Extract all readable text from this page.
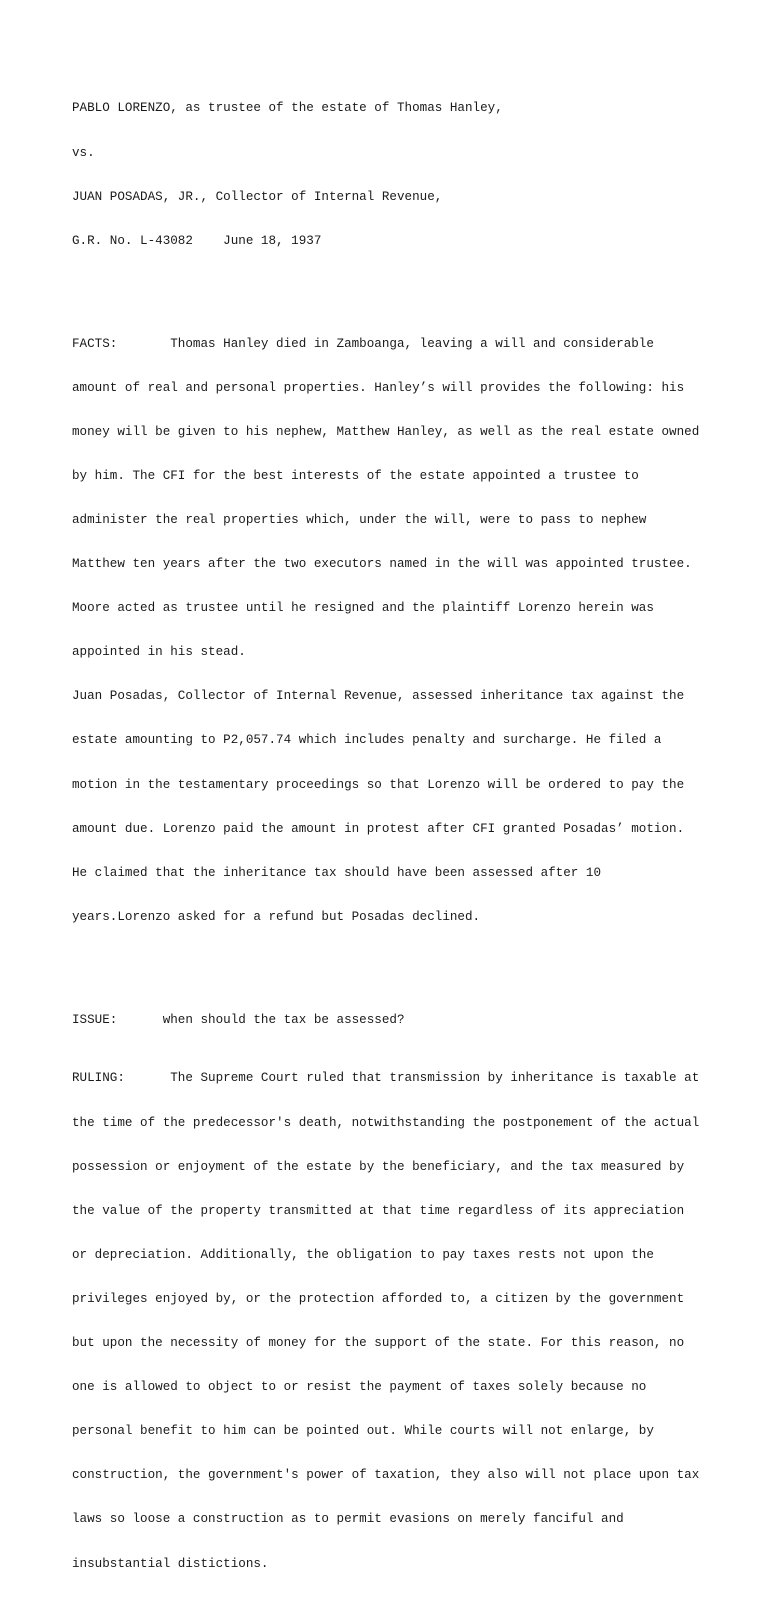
PABLO LORENZO, as trustee of the estate of Thomas Hanley,

vs.

JUAN POSADAS, JR., Collector of Internal Revenue,

G.R. No. L-43082    June 18, 1937

FACTS:       Thomas Hanley died in Zamboanga, leaving a will and considerable

amount of real and personal properties. Hanley’s will provides the following: his

money will be given to his nephew, Matthew Hanley, as well as the real estate owned

by him. The CFI for the best interests of the estate appointed a trustee to

administer the real properties which, under the will, were to pass to nephew

Matthew ten years after the two executors named in the will was appointed trustee.

Moore acted as trustee until he resigned and the plaintiff Lorenzo herein was

appointed in his stead.

Juan Posadas, Collector of Internal Revenue, assessed inheritance tax against the

estate amounting to P2,057.74 which includes penalty and surcharge. He filed a

motion in the testamentary proceedings so that Lorenzo will be ordered to pay the

amount due. Lorenzo paid the amount in protest after CFI granted Posadas’ motion.

He claimed that the inheritance tax should have been assessed after 10

years.Lorenzo asked for a refund but Posadas declined.

ISSUE:      when should the tax be assessed?

RULING:      The Supreme Court ruled that transmission by inheritance is taxable at

the time of the predecessor's death, notwithstanding the postponement of the actual

possession or enjoyment of the estate by the beneficiary, and the tax measured by

the value of the property transmitted at that time regardless of its appreciation

or depreciation. Additionally, the obligation to pay taxes rests not upon the

privileges enjoyed by, or the protection afforded to, a citizen by the government

but upon the necessity of money for the support of the state. For this reason, no

one is allowed to object to or resist the payment of taxes solely because no

personal benefit to him can be pointed out. While courts will not enlarge, by

construction, the government's power of taxation, they also will not place upon tax

laws so loose a construction as to permit evasions on merely fanciful and

insubstantial distictions.
